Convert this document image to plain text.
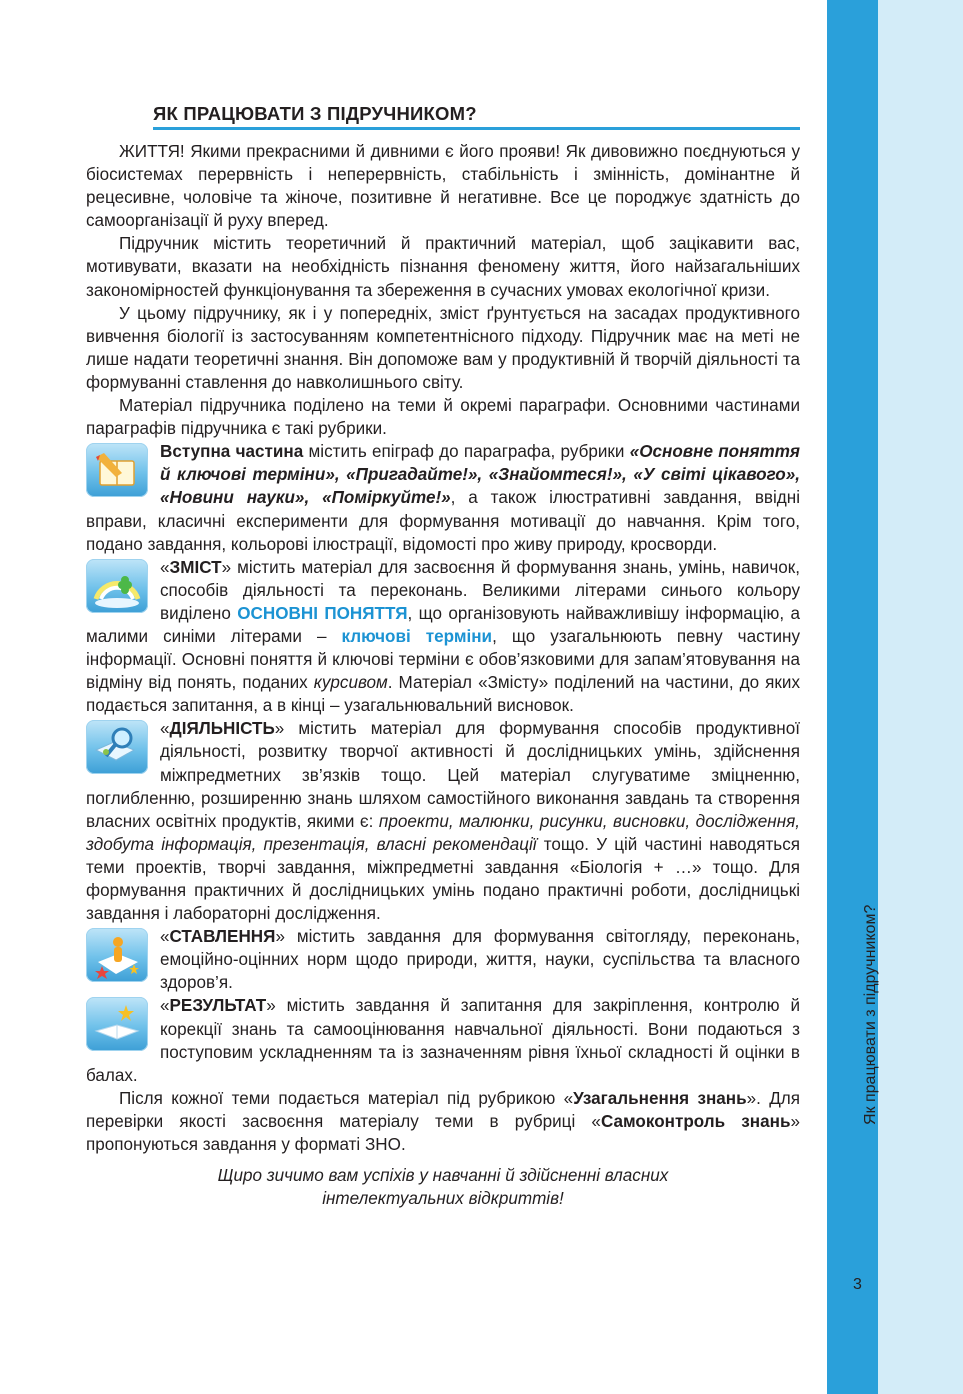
Як працювати з підручником?
3
ЯК ПРАЦЮВАТИ З ПІДРУЧНИКОМ?

ЖИТТЯ! Якими прекрасними й дивними є його прояви! Як дивовижно поєднуються у біосистемах перервність і неперервність, стабільність і змінність, домінантне й рецесивне, чоловіче та жіноче, позитивне й негативне. Все це породжує здатність до самоорганізації й руху вперед.

Підручник містить теоретичний й практичний матеріал, щоб зацікавити вас, мотивувати, вказати на необхідність пізнання феномену життя, його найзагальніших закономірностей функціонування та збереження в сучасних умовах екологічної кризи.

У цьому підручнику, як і у попередніх, зміст ґрунтується на засадах продуктивного вивчення біології із застосуванням компетентнісного підходу. Підручник має на меті не лише надати теоретичні знання. Він допоможе вам у продуктивній й творчій діяльності та формуванні ставлення до навколишнього світу.

Матеріал підручника поділено на теми й окремі параграфи. Основними частинами параграфів підручника є такі рубрики.

Вступна частина містить епіграф до параграфа, рубрики «Основне поняття й ключові терміни», «Пригадайте!», «Знайомтеся!», «У світі цікавого», «Новини науки», «Поміркуйте!», а також ілюстративні завдання, ввідні вправи, класичні експерименти для формування мотивації до навчання. Крім того, подано завдання, кольорові ілюстрації, відомості про живу природу, кросворди.

«ЗМІСТ» містить матеріал для засвоєння й формування знань, умінь, навичок, способів діяльності та переконань. Великими літерами синього кольору виділено ОСНОВНІ ПОНЯТТЯ, що організовують найважливішу інформацію, а малими синіми літерами – ключові терміни, що узагальнюють певну частину інформації. Основні поняття й ключові терміни є обов’язковими для запам’ятовування на відміну від понять, поданих курсивом. Матеріал «Змісту» поділений на частини, до яких подається запитання, а в кінці – узагальнювальний висновок.

«ДІЯЛЬНІСТЬ» містить матеріал для формування способів продуктивної діяльності, розвитку творчої активності й дослідницьких умінь, здійснення міжпредметних зв’язків тощо. Цей матеріал слугуватиме зміцненню, поглибленню, розширенню знань шляхом самостійного виконання завдань та створення власних освітніх продуктів, якими є: проекти, малюнки, рисунки, висновки, дослідження, здобута інформація, презентація, власні рекомендації тощо. У цій частині наводяться теми проектів, творчі завдання, міжпредметні завдання «Біологія + …» тощо. Для формування практичних й дослідницьких умінь подано практичні роботи, дослідницькі завдання і лабораторні дослідження.

«СТАВЛЕННЯ» містить завдання для формування світогляду, переконань, емоційно-оцінних норм щодо природи, життя, науки, суспільства та власного здоров’я.

«РЕЗУЛЬТАТ» містить завдання й запитання для закріплення, контролю й корекції знань та самооцінювання навчальної діяльності. Вони подаються з поступовим ускладненням та із зазначенням рівня їхньої складності й оцінки в балах.

Після кожної теми подається матеріал під рубрикою «Узагальнення знань». Для перевірки якості засвоєння матеріалу теми в рубриці «Самоконтроль знань» пропонуються завдання у форматі ЗНО.

Щиро зичимо вам успіхів у навчанні й здійсненні власних
інтелектуальних відкриттів!
